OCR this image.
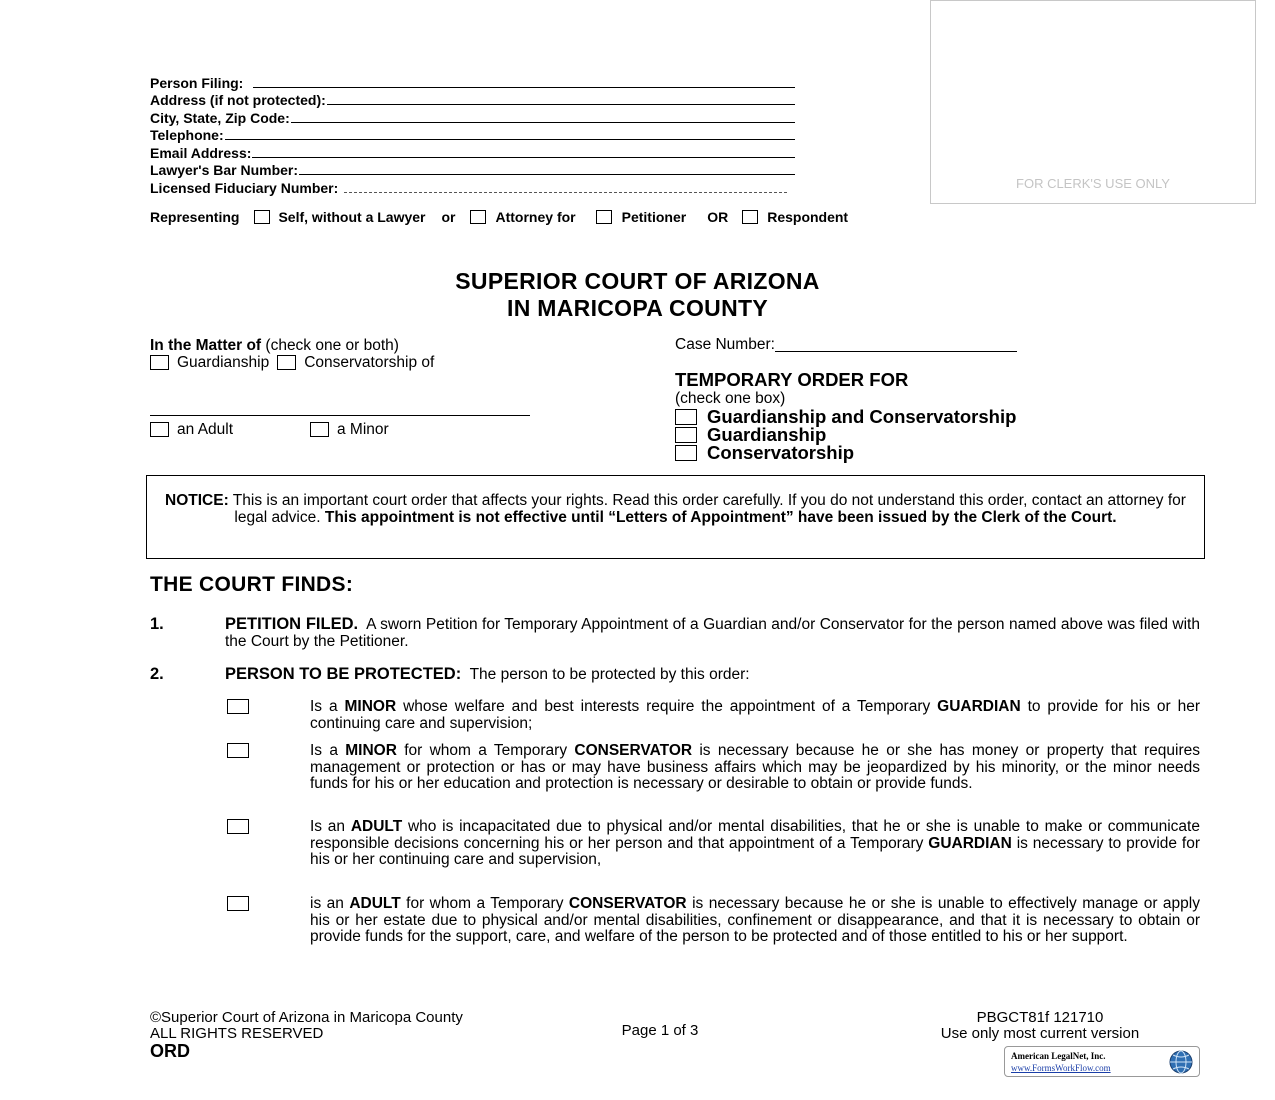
Person Filing:
Address (if not protected):
City, State, Zip Code:
Telephone:
Email Address:
Lawyer's Bar Number:
Licensed Fiduciary Number:	FOR CLERK'S USE ONLY
Representing	Self, without a Lawyer or	Attorney for	Petitioner OR	Respondent
SUPERIOR COURT OF ARIZONA
IN MARICOPA COUNTY
In the Matter of
(check one or both)
Guardianship Conservatorship of
an Adult	a Minor
Case Number:
TEMPORARY ORDER FOR
(check one box)
Guardianship and Conservatorship
Guardianship
Conservatorship
NOTICE: This is an important court order that affects your rights. Read this order carefully. If you do not understand this order, contact an attorney for legal advice. This appointment is not effective until “Letters of Appointment” have been issued by the Clerk of the Court.
THE COURT FINDS:
1.	PETITION FILED. A sworn Petition for Temporary Appointment of a Guardian and/or Conservator for the person named above was filed with the Court by the Petitioner.
2.	PERSON TO BE PROTECTED: The person to be protected by this order:
Is a MINOR whose welfare and best interests require the appointment of a Temporary GUARDIAN to provide for his or her continuing care and supervision;
Is a MINOR for whom a Temporary CONSERVATOR is necessary because he or she has money or property that requires management or protection or has or may have business affairs which may be jeopardized by his minority, or the minor needs funds for his or her education and protection is necessary or desirable to obtain or provide funds.
Is an ADULT who is incapacitated due to physical and/or mental disabilities, that he or she is unable to make or communicate responsible decisions concerning his or her person and that appointment of a Temporary GUARDIAN is necessary to provide for his or her continuing care and supervision,
is an ADULT for whom a Temporary CONSERVATOR is necessary because he or she is unable to effectively manage or apply his or her estate due to physical and/or mental disabilities, confinement or disappearance, and that it is necessary to obtain or provide funds for the support, care, and welfare of the person to be protected and of those entitled to his or her support.
©Superior Court of Arizona in Maricopa County
ALL RIGHTS RESERVED
ORD
Page 1 of 3
PBGCT81f 121710
Use only most current version
American LegalNet, Inc.
www.FormsWorkFlow.com
